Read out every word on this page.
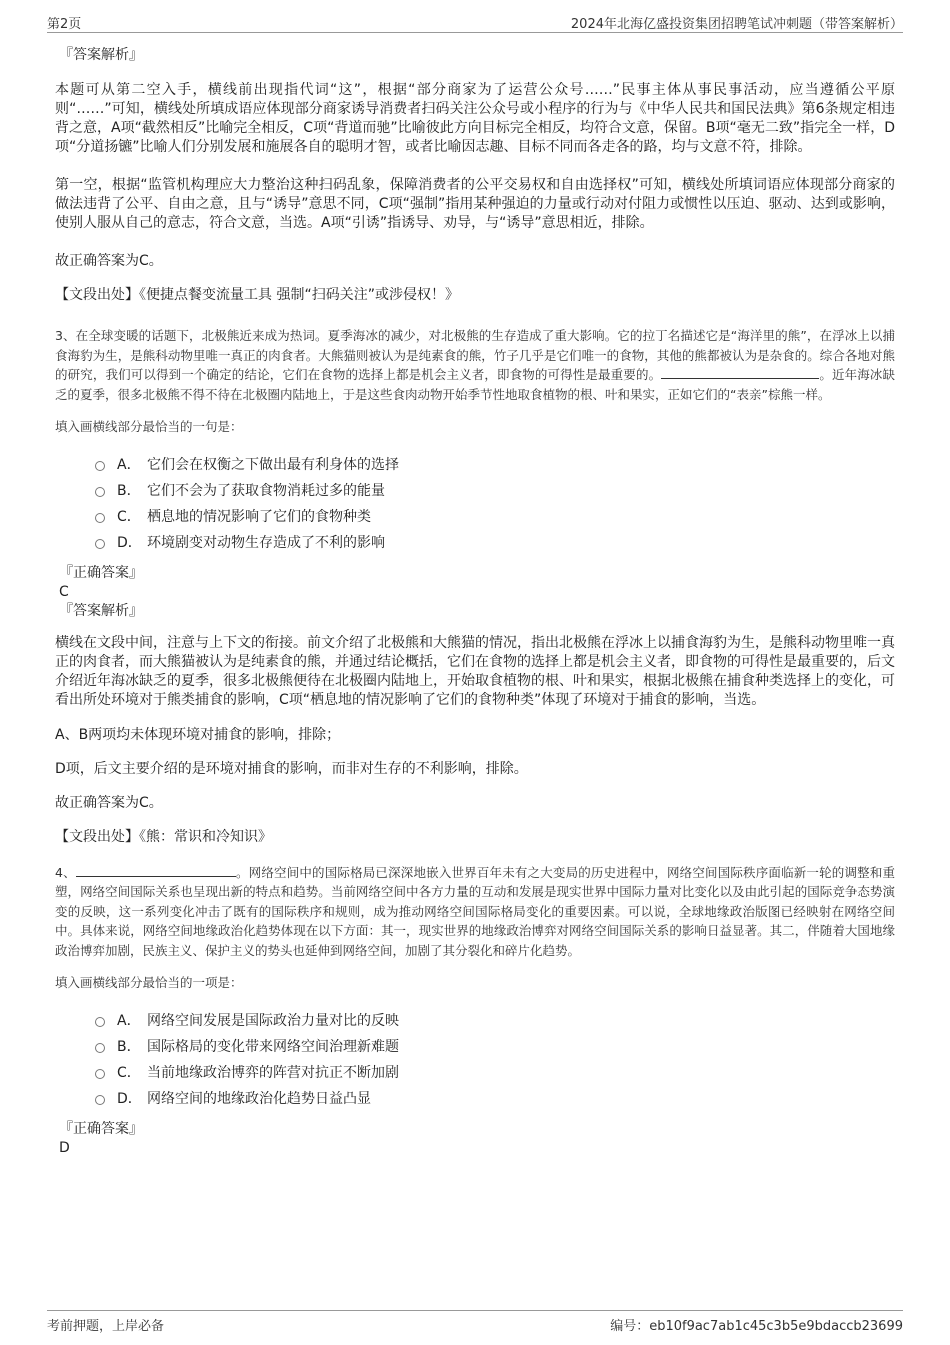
第2页	2024年北海亿盛投资集团招聘笔试冲刺题（带答案解析）

『答案解析』

本题可从第二空入手，横线前出现指代词“这”，根据“部分商家为了运营公众号……”民事主体从事民事活动，应当遵循公平原则“……”可知，横线处所填成语应体现部分商家诱导消费者扫码关注公众号或小程序的行为与《中华人民共和国民法典》第6条规定相违背之意，A项“截然相反”比喻完全相反，C项“背道而驰”比喻彼此方向目标完全相反，均符合文意，保留。B项“毫无二致”指完全一样，D项“分道扬镳”比喻人们分别发展和施展各自的聪明才智，或者比喻因志趣、目标不同而各走各的路，均与文意不符，排除。

第一空，根据“监管机构理应大力整治这种扫码乱象，保障消费者的公平交易权和自由选择权”可知，横线处所填词语应体现部分商家的做法违背了公平、自由之意，且与“诱导”意思不同，C项“强制”指用某种强迫的力量或行动对付阻力或惯性以压迫、驱动、达到或影响，使别人服从自己的意志，符合文意，当选。A项“引诱”指诱导、劝导，与“诱导”意思相近，排除。

故正确答案为C。

【文段出处】《便捷点餐变流量工具 强制“扫码关注”或涉侵权！》

3、在全球变暖的话题下，北极熊近来成为热词。夏季海冰的减少，对北极熊的生存造成了重大影响。它的拉丁名描述它是“海洋里的熊”，在浮冰上以捕食海豹为生，是熊科动物里唯一真正的肉食者。大熊猫则被认为是纯素食的熊，竹子几乎是它们唯一的食物，其他的熊都被认为是杂食的。综合各地对熊的研究，我们可以得到一个确定的结论，它们在食物的选择上都是机会主义者，即食物的可得性是最重要的。	。近年海冰缺乏的夏季，很多北极熊不得不待在北极圈内陆地上，于是这些食肉动物开始季节性地取食植物的根、叶和果实，正如它们的“表亲”棕熊一样。

填入画横线部分最恰当的一句是：

A． 它们会在权衡之下做出最有利身体的选择
B． 它们不会为了获取食物消耗过多的能量
C． 栖息地的情况影响了它们的食物种类
D． 环境剧变对动物生存造成了不利的影响

『正确答案』

C

『答案解析』

横线在文段中间，注意与上下文的衔接。前文介绍了北极熊和大熊猫的情况，指出北极熊在浮冰上以捕食海豹为生，是熊科动物里唯一真正的肉食者，而大熊猫被认为是纯素食的熊，并通过结论概括，它们在食物的选择上都是机会主义者，即食物的可得性是最重要的，后文介绍近年海冰缺乏的夏季，很多北极熊便待在北极圈内陆地上，开始取食植物的根、叶和果实，根据北极熊在捕食种类选择上的变化，可看出所处环境对于熊类捕食的影响，C项“栖息地的情况影响了它们的食物种类”体现了环境对于捕食的影响，当选。

A、B两项均未体现环境对捕食的影响，排除；

D项，后文主要介绍的是环境对捕食的影响，而非对生存的不利影响，排除。

故正确答案为C。

【文段出处】《熊：常识和冷知识》

4、	。网络空间中的国际格局已深深地嵌入世界百年未有之大变局的历史进程中，网络空间国际秩序面临新一轮的调整和重塑，网络空间国际关系也呈现出新的特点和趋势。当前网络空间中各方力量的互动和发展是现实世界中国际力量对比变化以及由此引起的国际竞争态势演变的反映，这一系列变化冲击了既有的国际秩序和规则，成为推动网络空间国际格局变化的重要因素。可以说，全球地缘政治版图已经映射在网络空间中。具体来说，网络空间地缘政治化趋势体现在以下方面：其一，现实世界的地缘政治博弈对网络空间国际关系的影响日益显著。其二，伴随着大国地缘政治博弈加剧，民族主义、保护主义的势头也延伸到网络空间，加剧了其分裂化和碎片化趋势。

填入画横线部分最恰当的一项是：

A． 网络空间发展是国际政治力量对比的反映
B． 国际格局的变化带来网络空间治理新难题
C． 当前地缘政治博弈的阵营对抗正不断加剧
D． 网络空间的地缘政治化趋势日益凸显

『正确答案』

D

考前押题，上岸必备	编号：eb10f9ac7ab1c45c3b5e9bdaccb23699
